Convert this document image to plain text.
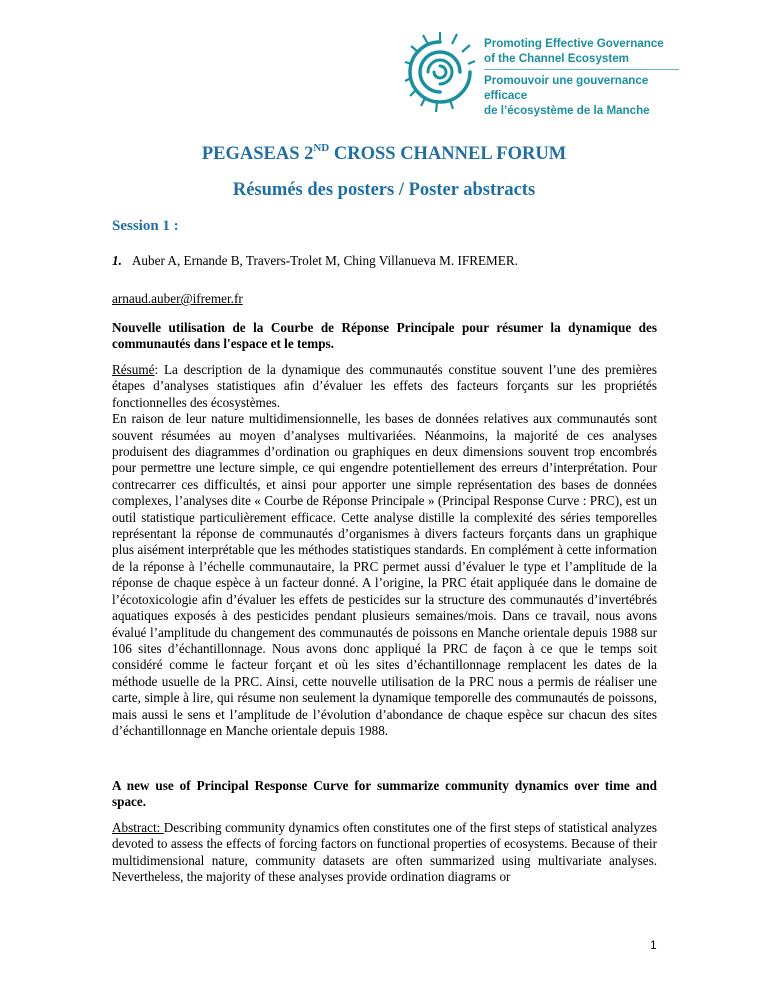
Promoting Effective Governance
of the Channel Ecosystem
Promouvoir une gouvernance efficace
de l’écosystème de la Manche
PEGASEAS 2ND CROSS CHANNEL FORUM
Résumés des posters / Poster abstracts
Session 1 :
1. Auber A, Ernande B, Travers-Trolet M, Ching Villanueva M. IFREMER.
arnaud.auber@ifremer.fr
Nouvelle utilisation de la Courbe de Réponse Principale pour résumer la dynamique des communautés dans l'espace et le temps.
Résumé: La description de la dynamique des communautés constitue souvent l’une des premières étapes d’analyses statistiques afin d’évaluer les effets des facteurs forçants sur les propriétés fonctionnelles des écosystèmes.
En raison de leur nature multidimensionnelle, les bases de données relatives aux communautés sont souvent résumées au moyen d’analyses multivariées. Néanmoins, la majorité de ces analyses produisent des diagrammes d’ordination ou graphiques en deux dimensions souvent trop encombrés pour permettre une lecture simple, ce qui engendre potentiellement des erreurs d’interprétation. Pour contrecarrer ces difficultés, et ainsi pour apporter une simple représentation des bases de données complexes, l’analyses dite « Courbe de Réponse Principale » (Principal Response Curve : PRC), est un outil statistique particulièrement efficace. Cette analyse distille la complexité des séries temporelles représentant la réponse de communautés d’organismes à divers facteurs forçants dans un graphique plus aisément interprétable que les méthodes statistiques standards. En complément à cette information de la réponse à l’échelle communautaire, la PRC permet aussi d’évaluer le type et l’amplitude de la réponse de chaque espèce à un facteur donné. A l’origine, la PRC était appliquée dans le domaine de l’écotoxicologie afin d’évaluer les effets de pesticides sur la structure des communautés d’invertébrés aquatiques exposés à des pesticides pendant plusieurs semaines/mois. Dans ce travail, nous avons évalué l’amplitude du changement des communautés de poissons en Manche orientale depuis 1988 sur 106 sites d’échantillonnage. Nous avons donc appliqué la PRC de façon à ce que le temps soit considéré comme le facteur forçant et où les sites d’échantillonnage remplacent les dates de la méthode usuelle de la PRC. Ainsi, cette nouvelle utilisation de la PRC nous a permis de réaliser une carte, simple à lire, qui résume non seulement la dynamique temporelle des communautés de poissons, mais aussi le sens et l’amplitude de l’évolution d’abondance de chaque espèce sur chacun des sites d’échantillonnage en Manche orientale depuis 1988.
A new use of Principal Response Curve for summarize community dynamics over time and space.
Abstract: Describing community dynamics often constitutes one of the first steps of statistical analyzes devoted to assess the effects of forcing factors on functional properties of ecosystems. Because of their multidimensional nature, community datasets are often summarized using multivariate analyses. Nevertheless, the majority of these analyses provide ordination diagrams or
1
